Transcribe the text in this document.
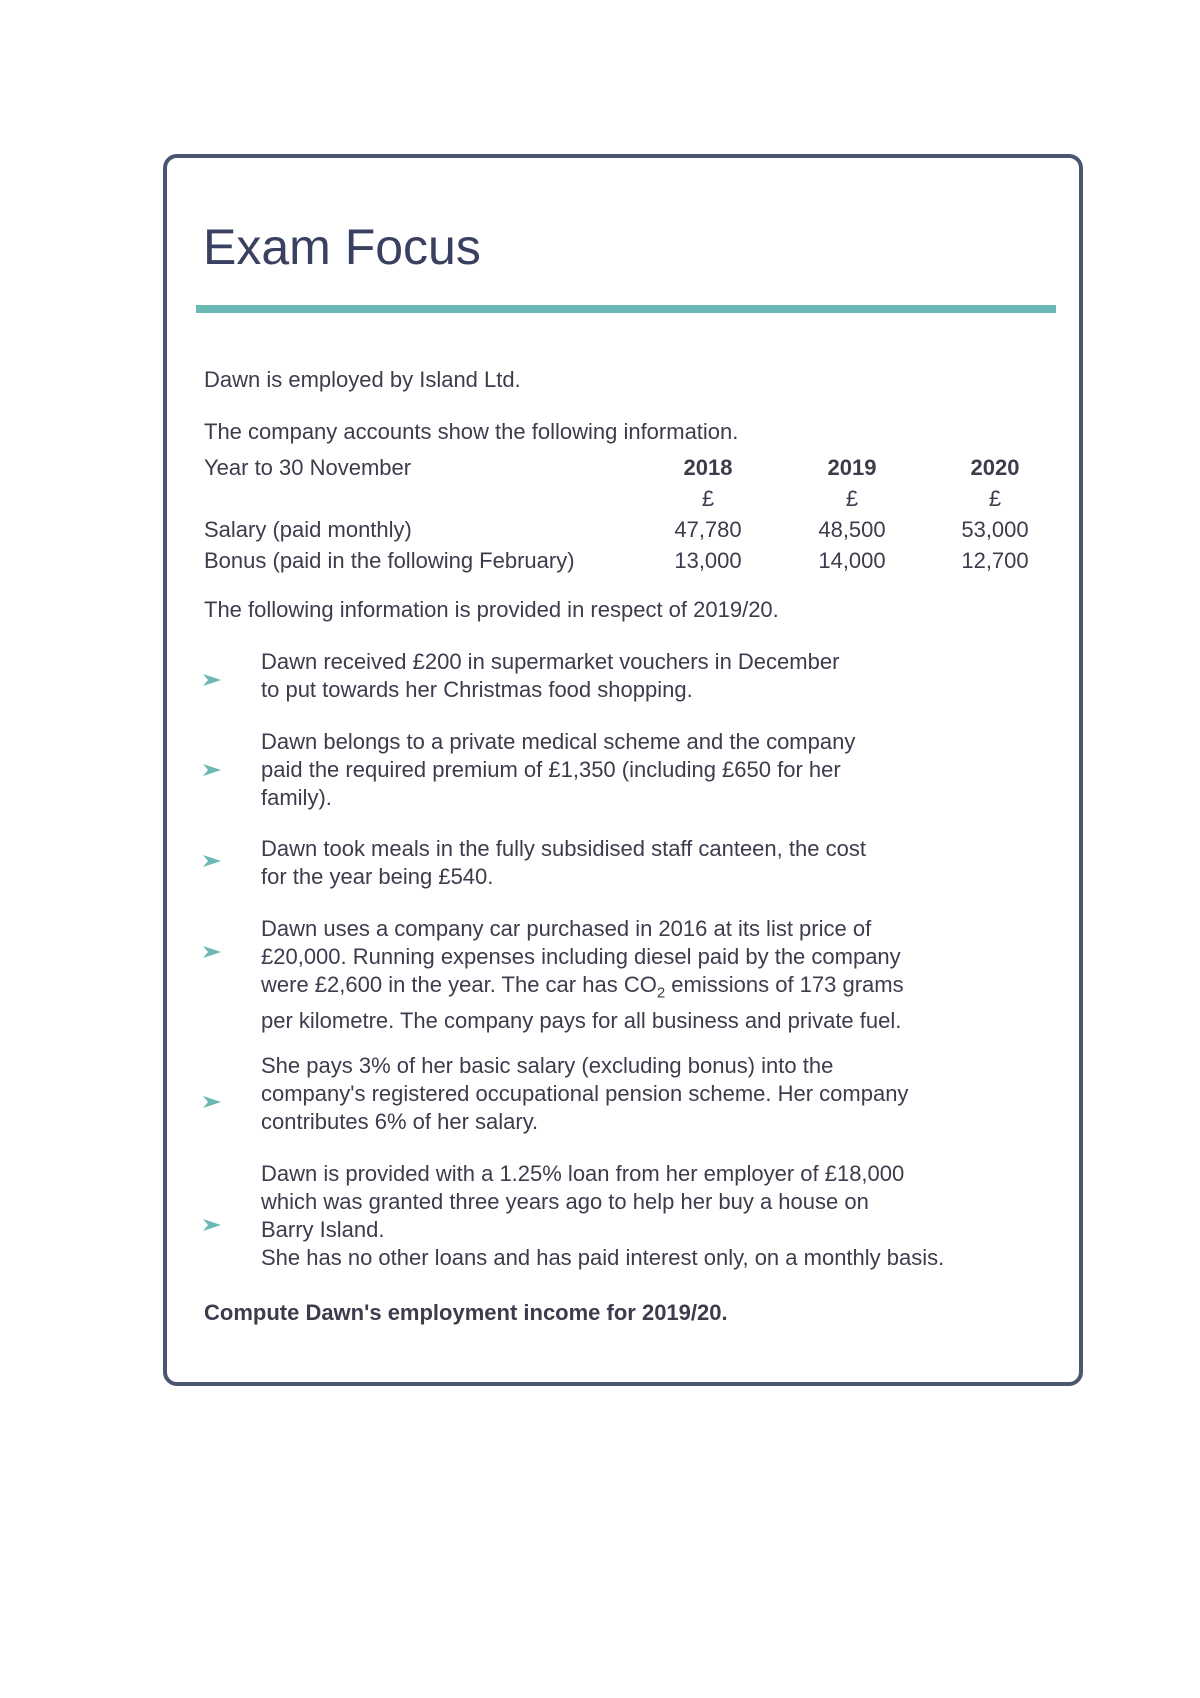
Exam Focus
Dawn is employed by Island Ltd.
The company accounts show the following information.
Year to 30 November	2018	2019	2020
£	£	£
Salary (paid monthly)	47,780	48,500	53,000
Bonus (paid in the following February)	13,000	14,000	12,700
The following information is provided in respect of 2019/20.
Dawn received £200 in supermarket vouchers in December
to put towards her Christmas food shopping.
Dawn belongs to a private medical scheme and the company
paid the required premium of £1,350 (including £650 for her
family).
Dawn took meals in the fully subsidised staff canteen, the cost
for the year being £540.
Dawn uses a company car purchased in 2016 at its list price of
£20,000. Running expenses including diesel paid by the company
were £2,600 in the year. The car has $CO_2$ emissions of 173 grams
per kilometre. The company pays for all business and private fuel.
She pays 3% of her basic salary (excluding bonus) into the
company's registered occupational pension scheme. Her company
contributes 6% of her salary.
Dawn is provided with a 1.25% loan from her employer of £18,000
which was granted three years ago to help her buy a house on
Barry Island.
She has no other loans and has paid interest only, on a monthly basis.
Compute Dawn's employment income for 2019/20.
